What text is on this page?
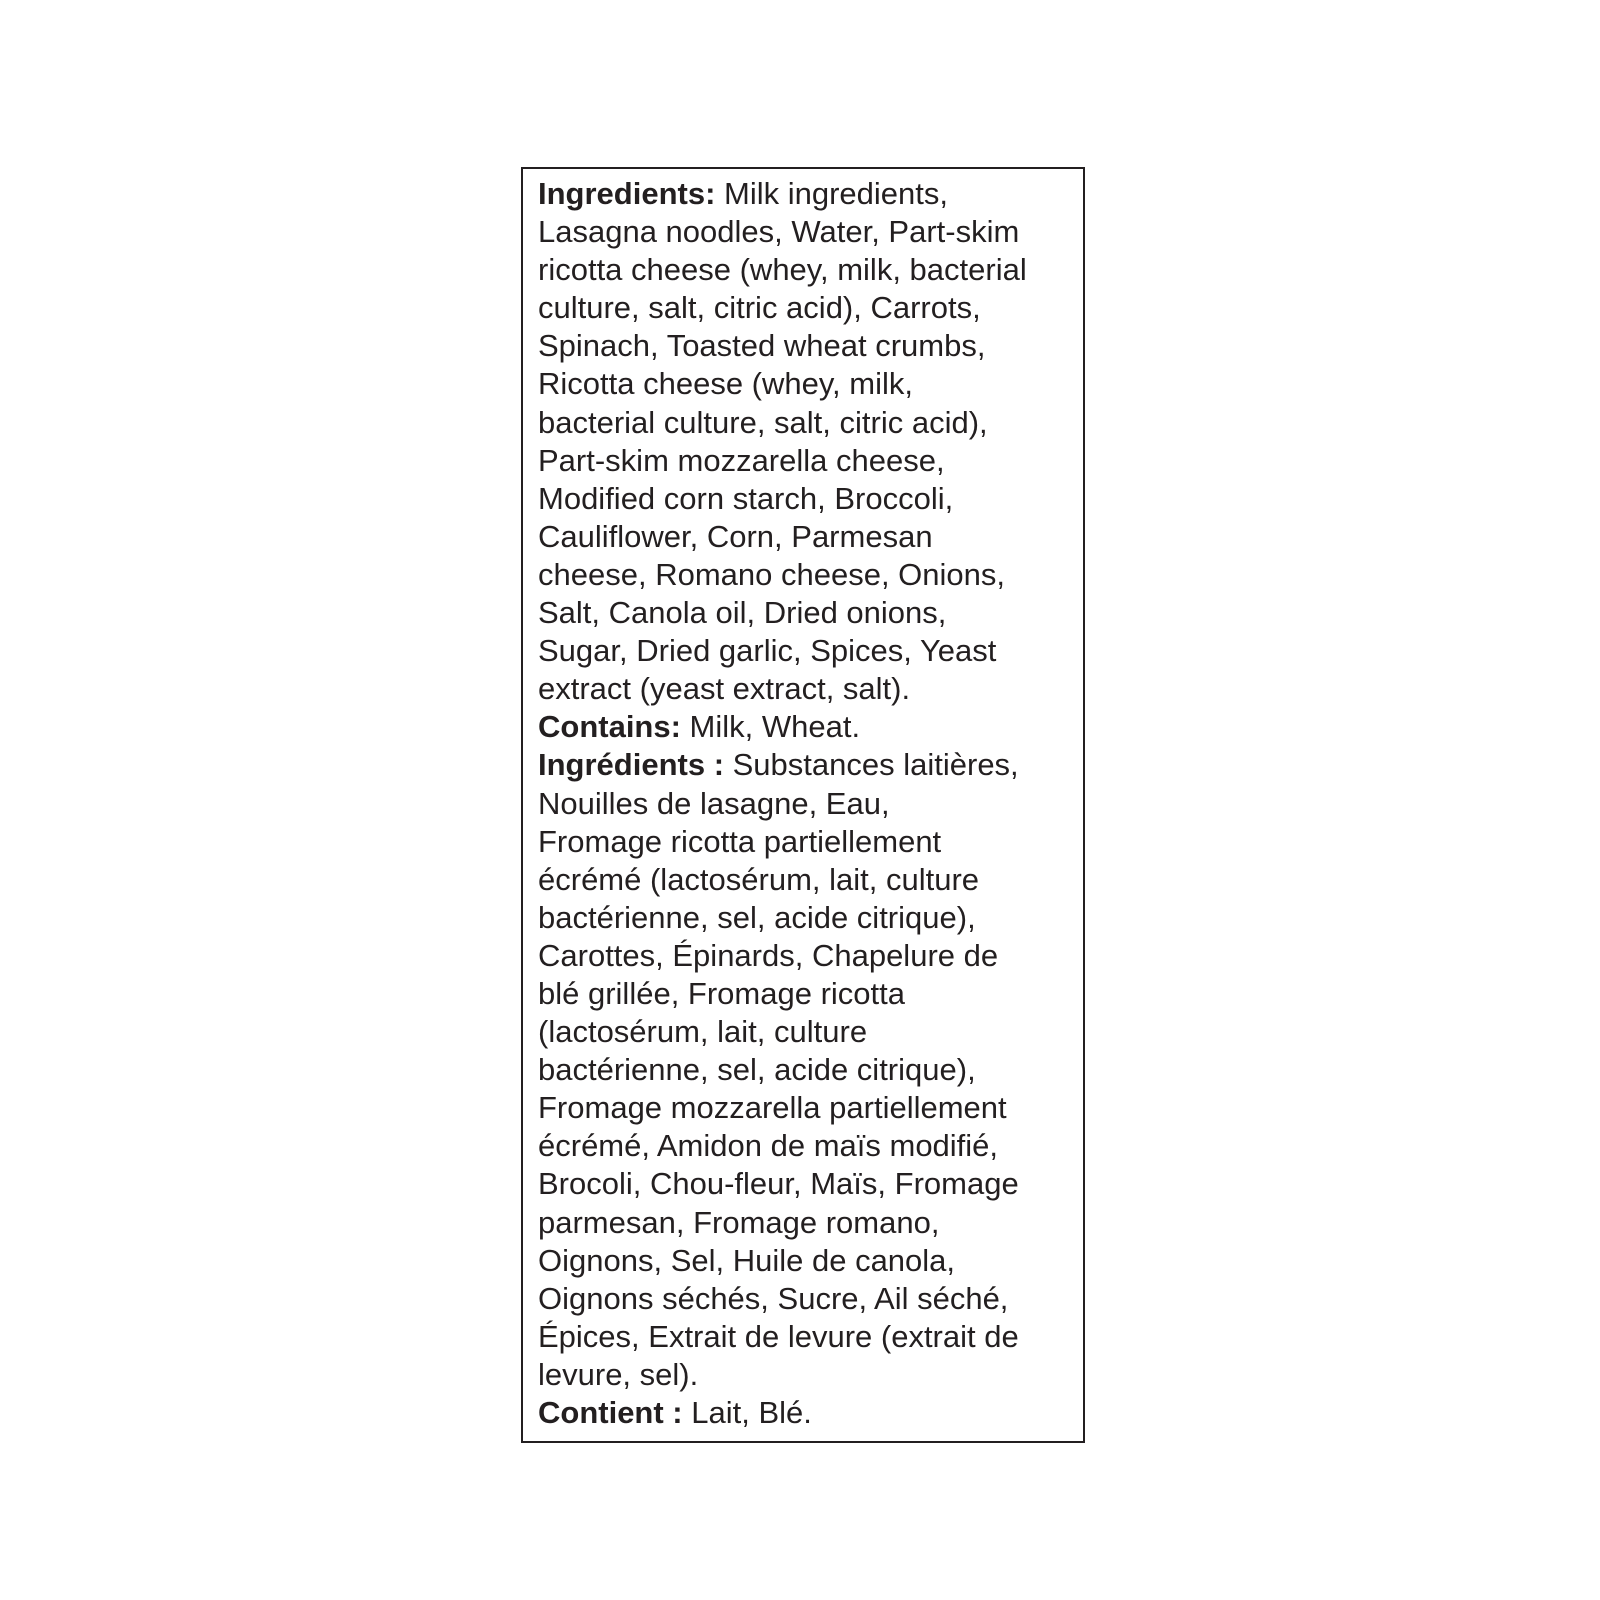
Ingredients: Milk ingredients,
Lasagna noodles, Water, Part-skim
ricotta cheese (whey, milk, bacterial
culture, salt, citric acid), Carrots,
Spinach, Toasted wheat crumbs,
Ricotta cheese (whey, milk,
bacterial culture, salt, citric acid),
Part-skim mozzarella cheese,
Modified corn starch, Broccoli,
Cauliflower, Corn, Parmesan
cheese, Romano cheese, Onions,
Salt, Canola oil, Dried onions,
Sugar, Dried garlic, Spices, Yeast
extract (yeast extract, salt).
Contains: Milk, Wheat.
Ingrédients : Substances laitières,
Nouilles de lasagne, Eau,
Fromage ricotta partiellement
écrémé (lactosérum, lait, culture
bactérienne, sel, acide citrique),
Carottes, Épinards, Chapelure de
blé grillée, Fromage ricotta
(lactosérum, lait, culture
bactérienne, sel, acide citrique),
Fromage mozzarella partiellement
écrémé, Amidon de maïs modifié,
Brocoli, Chou-fleur, Maïs, Fromage
parmesan, Fromage romano,
Oignons, Sel, Huile de canola,
Oignons séchés, Sucre, Ail séché,
Épices, Extrait de levure (extrait de
levure, sel).
Contient : Lait, Blé.
